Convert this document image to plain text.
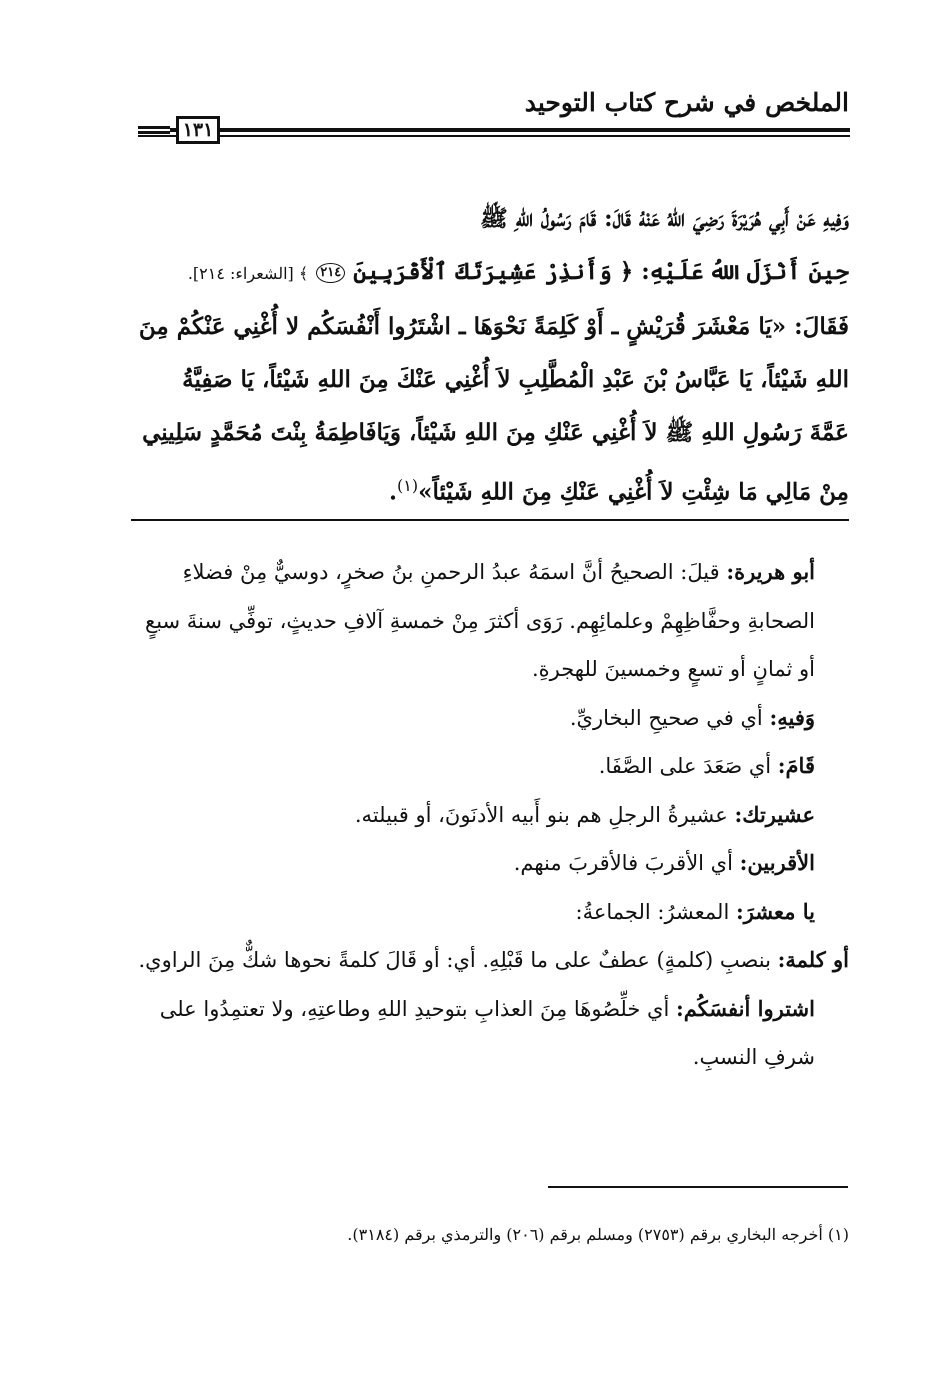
الملخص في شرح كتاب التوحيد
١٣١

وَفِيهِ عَنْ أَبِي هُرَيْرَةَ رَضِيَ اللهُ عَنْهُ قَالَ: قَامَ رَسُولُ اللهِ ﷺ

حِينَ أَنْزَلَ اللهُ عَلَيْهِ: ﴿ وَأَنذِرْ عَشِيرَتَكَ ٱلْأَقْرَبِينَ ٢١٤ ﴾ [الشعراء: ٢١٤].

فَقَالَ: «يَا مَعْشَرَ قُرَيْشٍ ـ أَوْ كَلِمَةً نَحْوَهَا ـ اشْتَرُوا أَنْفُسَكُم لا أُغْنِي عَنْكُمْ مِنَ اللهِ شَيْئاً، يَا عَبَّاسُ بْنَ عَبْدِ الْمُطَّلِبِ لاَ أُغْنِي عَنْكَ مِنَ اللهِ شَيْئاً، يَا صَفِيَّةُ عَمَّةَ رَسُولِ اللهِ ﷺ لاَ أُغْنِي عَنْكِ مِنَ اللهِ شَيْئاً، وَيَافَاطِمَةُ بِنْتَ مُحَمَّدٍ سَلِينِي مِنْ مَالِي مَا شِئْتِ لاَ أُغْنِي عَنْكِ مِنَ اللهِ شَيْئاً»$^{(١)}$.

أبو هريرة: قيلَ: الصحيحُ أنَّ اسمَهُ عبدُ الرحمنِ بنُ صخرٍ، دوسيٌّ مِنْ فضلاءِ الصحابةِ وحفَّاظِهِمْ وعلمائِهِم. رَوَى أكثرَ مِنْ خمسةِ آلافِ حديثٍ، توفِّي سنةَ سبعٍ أو ثمانٍ أو تسعٍ وخمسينَ للهجرةِ.

وَفيهِ: أي في صحيحِ البخاريِّ.

قَامَ: أي صَعَدَ على الصَّفَا.

عشيرتك: عشيرةُ الرجلِ هم بنو أَبيه الأدنَونَ، أو قبيلته.

الأقربين: أي الأقربَ فالأقربَ منهم.

يا معشرَ: المعشرُ: الجماعةُ:

أو كلمة: بنصبِ (كلمةٍ) عطفٌ على ما قَبْلِهِ. أي: أو قَالَ كلمةً نحوها شكٌّ مِنَ الراوي.

اشتروا أنفسَكُم: أي خلِّصُوهَا مِنَ العذابِ بتوحيدِ اللهِ وطاعتِهِ، ولا تعتمِدُوا على شرفِ النسبِ.

(١) أخرجه البخاري برقم (٢٧٥٣) ومسلم برقم (٢٠٦) والترمذي برقم (٣١٨٤).
